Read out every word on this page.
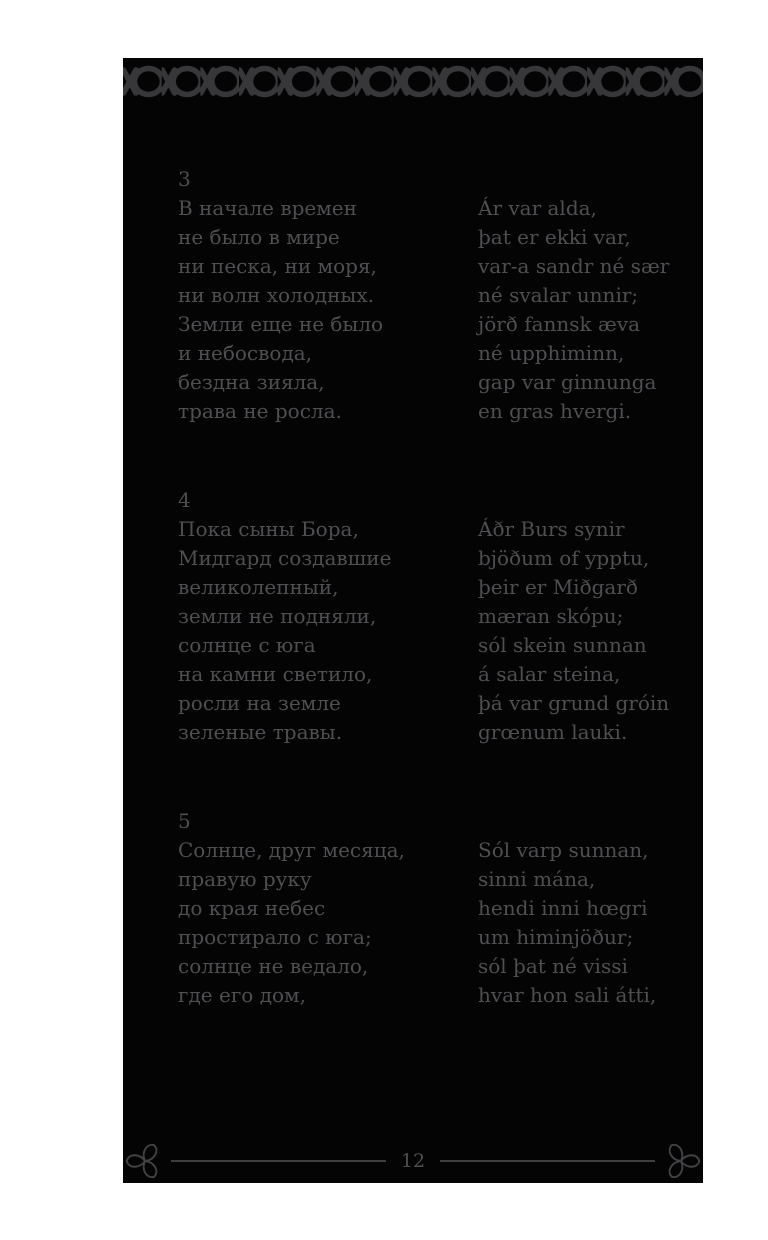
3
В начале времен
не было в мире
ни песка, ни моря,
ни волн холодных.
Земли еще не было
и небосвода,
бездна зияла,
трава не росла.
Ár var alda,
þat er ekki var,
var-a sandr né sær
né svalar unnir;
jörð fannsk æva
né upphiminn,
gap var ginnunga
en gras hvergi.
4
Пока сыны Бора,
Мидгард создавшие
великолепный,
земли не подняли,
солнце с юга
на камни светило,
росли на земле
зеленые травы.
Áðr Burs synir
bjöðum of ypptu,
þeir er Miðgarð
mæran skópu;
sól skein sunnan
á salar steina,
þá var grund gróin
grœnum lauki.
5
Солнце, друг месяца,
правую руку
до края небес
простирало с юга;
солнце не ведало,
где его дом,
Sól varp sunnan,
sinni mána,
hendi inni hœgri
um himinjöður;
sól þat né vissi
hvar hon sali átti,
12
